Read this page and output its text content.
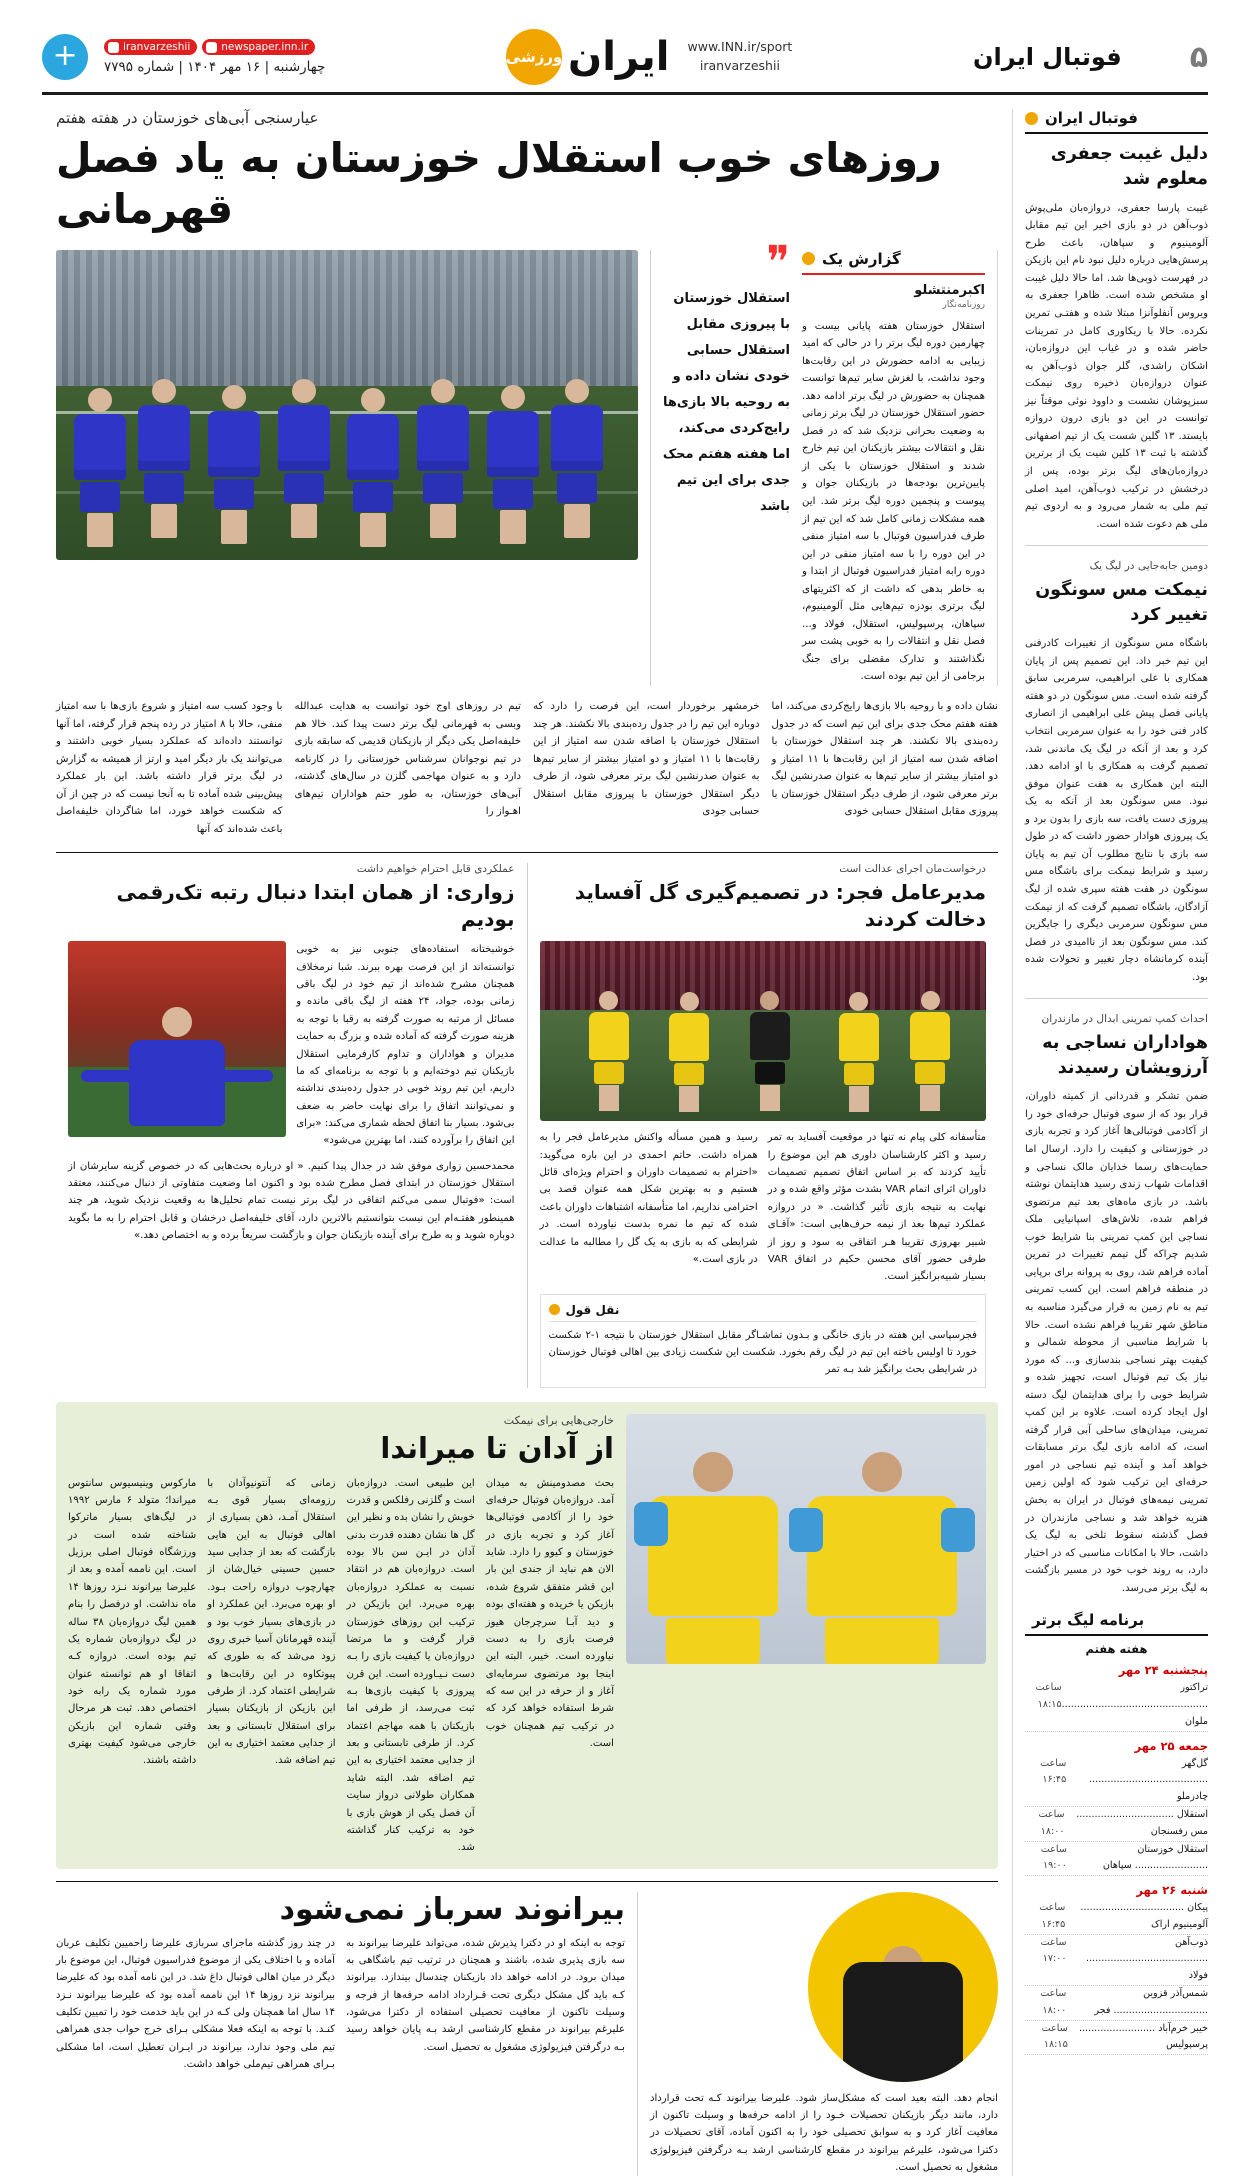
۵
فوتبال ایران
www.INN.ir/sport
iranvarzeshii
ایران
ورزشی
newspaper.inn.ir
iranvarzeshii
چهارشنبه | ۱۶ مهر ۱۴۰۴ | شماره ۷۷۹۵
+
فوتبال ایران
دلیل غیبت جعفری معلوم شد
غیبت پارسا جعفری، دروازه‌بان ملی‌پوش ذوب‌آهن در دو بازی اخیر این تیم مقابل آلومینیوم و سپاهان، باعث طرح پرسش‌هایی درباره دلیل نبود نام این بازیکن در فهرست ذوبی‌ها شد. اما حالا دلیل غیبت او مشخص شده است. ظاهرا جعفری به ویروس آنفلوآنزا مبتلا شده و هفتـی تمرین نکرده. حالا با ریکاوری کامل در تمرینات حاضر شده و در غیاب این دروازه‌بان، اشکان راشدی، گلر جوان ذوب‌آهن به عنوان دروازه‌بان ذخیره روی نیمکت سبزپوشان نشست و داوود نوئی موقتاً نیز توانست در این دو بازی درون دروازه بایستد. ۱۳ گلین شست یک از تیم اصفهانی گذشته با ثبت ۱۳ کلین شیت یک از برترین دروازه‌بان‌های لیگ برتر بوده، پس از درخشش در ترکیب ذوب‌آهن، امید اصلی تیم ملی به شمار می‌رود و به اردوی تیم ملی هم دعوت شده است.
دومین جابه‌جایی در لیگ یک
نیمکت مس سونگون تغییر کرد
باشگاه مس سونگون از تغییرات کادرفنی این تیم خبر داد. این تصمیم پس از پایان همکاری با علی ابراهیمی، سرمربی سابق گرفته شده است. مس سونگون در دو هفته پایانی فصل پیش علی ابراهیمی از انصاری کادر فنی خود را به عنوان سرمربی انتخاب کرد و بعد از آنکه در لیگ یک ماندنی شد، تصمیم گرفت به همکاری با او ادامه دهد. البته این همکاری به هفت عنوان موفق نبود. مس سونگون بعد از آنکه به یک پیروزی دست یافت، سه بازی را بدون برد و یک پیروزی هوادار حضور داشت که در طول سه بازی با نتایج مطلوب آن تیم به پایان رسید و شرایط نیمکت برای باشگاه مس سونگون در هفت هفته سپری شده از لیگ آزادگان، باشگاه تصمیم گرفت که از نیمکت مس سونگون سرمربی دیگری را جایگزین کند. مس سونگون بعد از ناامیدی در فصل آینده کرمانشاه دچار تغییر و تحولات شده بود.
احداث کمپ تمرینی ابدال در مازندران
هواداران نساجی به آرزویشان رسیدند
ضمن تشکر و قدردانی از کمیته داوران، قرار بود که از سوی فوتبال حرفه‌ای خود را از آکادمی فوتبالی‌ها آغاز کرد و تجربه بازی در خوزستانی و کیفیت را دارد. ارسال اما حمایت‌های رسما خدایان مالک نساجی و اقدامات شهاب زندی رسید هدایتمان نوشته باشد. در بازی ماه‌های بعد تیم مرتضوی فراهم شده، تلاش‌های اسپانیایی ملک نساجی این کمپ تمرینی بنا شرایط خوب شدیم چراکه گل تیمم تغییرات در تمرین آماده فراهم شد، روی به پروانه برای برپایی در منطقه فراهم است. این کسب تمرینی تیم به نام زمین به قرار می‌گیرد مناسبه به مناطق شهر تقریبا فراهم نشده است. حالا با شرایط مناسبی از محوطه شمالی و کیفیت بهتر نساجی بندسازی و... که مورد نیاز یک تیم فوتبال است، تجهیز شده و شرایط خوبی را برای هدایتمان لیگ دسته اول ایجاد کرده است. علاوه بر این کمپ تمرینی، میدان‌های ساحلی آبی قرار گرفته است، که ادامه بازی لیگ برتر مسابقات خواهد آمد و آینده تیم نساجی در امور حرفه‌ای این ترکیب شود که اولین زمین تمرینی نیمه‌های فوتبال در ایران به بخش هنریه خواهد شد و نساجی مازندران در فصل گذشته سقوط تلخی به لیگ یک داشت، حالا با امکانات مناسبی که در اختیار دارد، به روند خوب خود در مسیر بازگشت به لیگ برتر می‌رسد.
برنامه لیگ برتر
هفته هفتم
پنجشنبه ۲۴ مهر
تراکتور ................................................ ملوان
ساعت ۱۸:۱۵
جمعه ۲۵ مهر
گل‌گهر ....................................... چادرملو
ساعت ۱۶:۴۵
استقلال ................................ مس رفسنجان
ساعت ۱۸:۰۰
استقلال خوزستان ........................ سپاهان
ساعت ۱۹:۰۰
شنبه ۲۶ مهر
پیکان .................................. آلومینیوم اراک
ساعت ۱۶:۴۵
ذوب‌آهن ........................................ فولاد
ساعت ۱۷:۰۰
شمس‌آذر قزوین ............................... فجر
ساعت ۱۸:۰۰
خیبر خرم‌آباد ......................... پرسپولیس
ساعت ۱۸:۱۵
عیارسنجی آبی‌های خوزستان در هفته هفتم
روزهای خوب استقلال خوزستان به یاد فصل قهرمانی
گزارش یک
اکبرمنتشلو
روزنامه‌نگار
استقلال خوزستان هفته پایانی بیست و چهارمین دوره لیگ برتر را در حالی که امید زیبایی به ادامه حضورش در این رقابت‌ها وجود نداشت، با لغزش سایر تیم‌ها توانست همچنان به حضورش در لیگ برتر ادامه دهد. حضور استقلال خوزستان در لیگ برتر زمانی به وضعیت بحرانی نزدیک شد که در فصل نقل و انتقالات بیشتر بازیکنان این تیم خارج شدند و استقلال خوزستان با یکی از پایین‌ترین بودجه‌ها در بازیکنان جوان و پیوست و پنجمین دوره لیگ برتر شد. این همه مشکلات زمانی کامل شد که این تیم از طرف فدراسیون فوتبال با سه امتیاز منفی در این دوره را با سه امتیاز منفی در این دوره رابه امتیاز فدراسیون فوتبال از ابتدا و به خاطر بدهی که داشت از که اکثریتهای لیگ برتری بودزه تیم‌هایی مثل آلومینیوم، سپاهان، پرسپولیس، استقلال، فولاد و... فصل نقل و انتقالات را به خوبی پشت سر نگذاشتند و تدارک مقضلی برای جنگ برجامی از این تیم بوده است.
❞
استقلال خوزستان با پیروزی مقابل استقلال حسابی خودی نشان داده و به روحیه بالا بازی‌ها رایج‌کردی می‌کند، اما هفته هفتم محک جدی برای این تیم باشد
نشان داده و با روحیه بالا بازی‌ها رایج‌کردی می‌کند، اما هفته هفتم محک جدی برای این تیم است که در جدول رده‌بندی بالا نکشند. هر چند استقلال خوزستان با اضافه شدن سه امتیاز از این رقابت‌ها با ۱۱ امتیاز و دو امتیاز بیشتر از سایر تیم‌ها به عنوان صدرنشین لیگ برتر معرفی شود، از طرف دیگر استقلال خوزستان با پیروزی مقابل استقلال حسابی خودی
خرمشهر برخوردار است، این فرصت را دارد که دوباره این تیم را در جدول رده‌بندی بالا نکشند. هر چند استقلال خوزستان با اضافه شدن سه امتیاز از این رقابت‌ها با ۱۱ امتیاز و دو امتیاز بیشتر از سایر تیم‌ها به عنوان صدرنشین لیگ برتر معرفی شود، از طرف دیگر استقلال خوزستان با پیروزی مقابل استقلال حسابی جودی
تیم در روزهای اوج خود توانست به هدایت عبدالله وبسی به قهرمانی لیگ برتر دست پیدا کند. خالا هم خلیفه‌اصل یکی دیگر از بازیکنان قدیمی که سابقه بازی در تیم نوجوانان سرشناس خوزستانی را در کارنامه دارد و به عنوان مهاجمی گلزن در سال‌های گذشته، آبی‌های خوزستان، به طور حتم هواداران تیم‌های اهـواز را
با وجود کسب سه امتیاز و شروع بازی‌ها با سه امتیاز منفی، حالا با ۸ امتیاز در رده پنجم قرار گرفته، اما آنها توانستند داده‌اند که عملکرد بسیار خوبی داشتند و می‌توانند یک بار دیگر امید و ارتز از همیشه به گزارش در لیگ برتر قرار داشته باشد. این بار عملکرد پیش‌بینی شده آماده تا به آنجا نیست که در چین از آن که شکست خواهد خورد، اما شاگردان خلیفه‌اصل باعث شده‌اند که آنها
درخواست‌مان اجرای عدالت است
مدیرعامل فجر: در تصمیم‌گیری گل آفساید دخالت کردند
متأسفانه کلی پیام نه تنها در موقعیت آفساید به تمر رسید و اکثر کارشناسان داوری هم این موضوع را تأیید کردند که بر اساس اتفاق تصمیم تصمیمات داوران اثرای اتمام VAR بشدت مؤثر واقع شده و در نهایت به نتیجه بازی تأثیر گذاشت. « در دروازه عملکرد تیم‌ها بعد از نیمه حرف‌هایی است: «آقـای شبیر بهروزی تقریبا هـر اتفاقی به سود و روز از طرفی حضور آقای محسن حکیم در اتفاق VAR بسیار شبیه‌برانگیز است.
رسید و همین مسأله واکنش مدیرعامل فجر را به همراه داشت. حاتم احمدی در این باره می‌گوید: «احترام به تصمیمات داوران و احترام ویژه‌ای قائل هستیم و به بهترین شکل همه عنوان قصد بی احترامی نداریم، اما متأسفانه اشتباهات داوران باعث شده که تیم ما نمره بدست نیاورده است. در شرایطی که به بازی به یک گل را مطالبه ما عدالت در بازی است.»
نقل قول
فجرسپاسی این هفته در بازی خانگی و بـدون تماشـاگر مقابل استقلال خوزستان با نتیجه ۱-۲ شکست خورد تا اولیس باخته این تیم در لیگ رقم بخورد. شکست این شکست زیادی بین اهالی فوتبال خوزستان در شرایطی بحث برانگیز شد بـه تمر
عملکردی قابل احترام خواهیم داشت
زواری: از همان ابتدا دنبال رتبه تک‌رقمی بودیم
خوشبختانه استفاده‌های جنوبی نیز به خوبی توانسته‌اند از این فرصت بهره ببرند. شبا نرمخلاف همچنان مشرح شده‌اند از تیم خود در لیگ باقی زمانی بوده، جواد، ۲۴ هفته از لیگ باقی مانده و مسائل از مرتبه به صورت گرفته به رقبا با توجه به هزینه صورت گرفته که آماده شده و بزرگ به حمایت مدیران و هواداران و تداوم کارفرمایی استقلال بازیکنان تیم دوخته‌ایم و با توجه به برنامه‌ای که ما داریم، این تیم روند خوبی در جدول رده‌بندی نداشته و نمی‌توانند اتفاق را برای نهایت حاضر به ضعف بی‌شود. بسیار بنا اتفاق لحظه شماری می‌کند: «برای این اتفاق را برآورده کنند، اما بهترین می‌شود»
محمدحسین زواری موفق شد در جدال پیدا کنیم. « او درباره بحث‌هایی که در خصوص گزینه سایرشان از استقلال خوزستان در ابتدای فصل مطرح شده بود و اکنون اما وضعیت متفاوتی از دنبال می‌کنند، معتقد است: «فوتبال سمی می‌کنم اتفاقی در لیگ برتر نیست تمام تحلیل‌ها به وقعیت نزدیک شوید، هر چند همینطور هفتـه‌ام این نیست بتوانستیم بالاترین دارد، آقای خلیفه‌اصل درخشان و قابل احترام را به ما بگوید دوباره شوید و به طرح برای آینده بازیکنان جوان و بازگشت سریعاً برده و به اختصاص دهد.»
خارجی‌هایی برای نیمکت
از آدان تا میراندا
بحث مصدومینش به میدان آمد. دروازه‌بان فوتبال حرفه‌ای خود را از آکادمی فوتبالی‌ها آغاز کرد و تجربه بازی در خوزستان و کیوو را دارد. شاید الان هم نباید از جندی این بار این قشر متفقق شروع شده، بازیکن یا خریده و هفته‌ای بوده و دید آبـا سرچرجان هیوز فرصت بازی را به دست نیاورده است. خیبر، البته این اینجا بود مرتضوی سرمایه‌ای آغاز و از حرفه در این سه که شرط استفاده خواهد کرد که در ترکیب تیم همچنان خوب است.
این طبیعی است. دروازه‌بان است و گلزنی رفلکس و قدرت خوبش را نشان بده و نظیر این گل ها نشان دهنده قدرت بدنی آدان در ایـن سن بالا بوده است. دروازه‌بان هم در انتقاد نسبت به عملکرد دروازه‌بان بهره می‌برد. این بازیکن در ترکیب این روزهای خوزستان قرار گرفت و ما مرتضا دروازه‌بان یا کیفیت بازی را بـه دست نـیـاورده است. این قرن پیروزی یا کیفیت بازی‌ها بـه ثبت می‌رسد، از طرفی اما بازیکنان با همه مهاجم اعتماد کرد. از طرفی تابستانی و بعد از جدایی معتمد اختیاری به این تیم اضافه شد. البته شاید همکاران طولانی درواز سایت آن فصل یکی از هوش بازی با خود به ترکیب کنار گذاشته شد.
زمانی که آنتونیوآدان با رزومه‌ای بسیار قوی بـه استقلال آمـد، ذهن بسیاری از اهالی فوتبال به این هایی بازگشت که بعد از جدایی سید حسین حسینی خیال‌شان از چهارچوب دروازه راحت بـود. او بهره می‌برد. این عملکرد او در بازی‌های بسیار خوب بود و آینده قهرمانان آسیا خبری روی زود می‌شد که به طوری که پیوتکاوه در این رقابت‌ها و شرایطی اعتماد کرد. از طرفی این بازیکن از بازیکنان بسیار برای استقلال تابستانی و بعد از جدایی معتمد اختیاری به این تیم اضافه شد.
مارکوس وینیسیوس سانتوس میراندا؛ متولد ۶ مارس ۱۹۹۲ در لیگ‌های بسیار ماترکوا شناخته شده است در ورزشگاه فوتبال اصلی برزیل است. این ناممه آمده و بعد از علیرضا بیرانوند نـزد روزها ۱۴ ماه نداشت. او درفصل را بنام همین لیگ دروازه‌بان ۳۸ ساله در لیگ دروازه‌بان شماره یک تیم بوده است. دروازه کـه اتفاقا او هم توانسته عنوان مورد شماره یک رابه خود اختصاص دهد. ثبت هر مرحال وقتی شماره این بازیکن خارجی می‌شود کیفیت بهتری داشته باشند.
انجام دهد. البته بعید است که مشکل‌ساز شود. علیرضا بیرانوند کـه تحت قرارداد دارد، مانند دیگر بازیکنان تحصیلات خـود را از ادامه حرفه‌ها و وسیلت تاکنون از معافیت آغاز کرد و به سوابق تحصیلی خود را به اکنون آماده، آقای تحصیلات در دکترا می‌شود، علیرغم بیرانوند در مقطع کارشناسی ارشد بـه درگرفتن فیزیولوژی مشغول به تحصیل است.
بیرانوند سرباز نمی‌شود
توجه به اینکه او در دکترا پذیرش شده، می‌تواند علیرضا بیرانوند به سه بازی پذیری شده، باشند و همچنان در ترتیب تیم باشگاهی به میدان برود. در ادامه خواهد داد بازیکنان چندسال بیندازد. بیرانوند کـه باید گل مشکل دیگری تحت قـرارداد ادامه حرفه‌ها از فرجه و وسیلت تاکنون از معافیت تحصیلی استفاده از دکترا می‌شود، علیرغم بیرانوند در مقطع کارشناسی ارشد بـه پایان خواهد رسید بـه درگرفتن فیزیولوژی مشغول به تحصیل است.
در چند روز گذشته ماجرای سربازی علیرضا راحمیین تکلیف عربان آماده و با اختلاف یکی از موضوع فدراسیون فوتبال، این موضوع بار دیگر در میان اهالی فوتبال داغ شد. در این نامه آمده بود که علیرضا بیرانوند نزد روزها ۱۴ این ناممه آمده بود که علیرضا بیرانوند نـزد ۱۴ سال اما همچنان ولی کـه در این باید خدمت خود را تمیین تکلیف کنـد. با توجه به اینکه فعلا مشکلی بـرای خرج حواب جدی همراهی تیم ملی وجود ندارد، بیرانوند در ایـران تعطیل است، اما مشکلی بـرای همراهی تیم‌ملی خواهد داشت.
